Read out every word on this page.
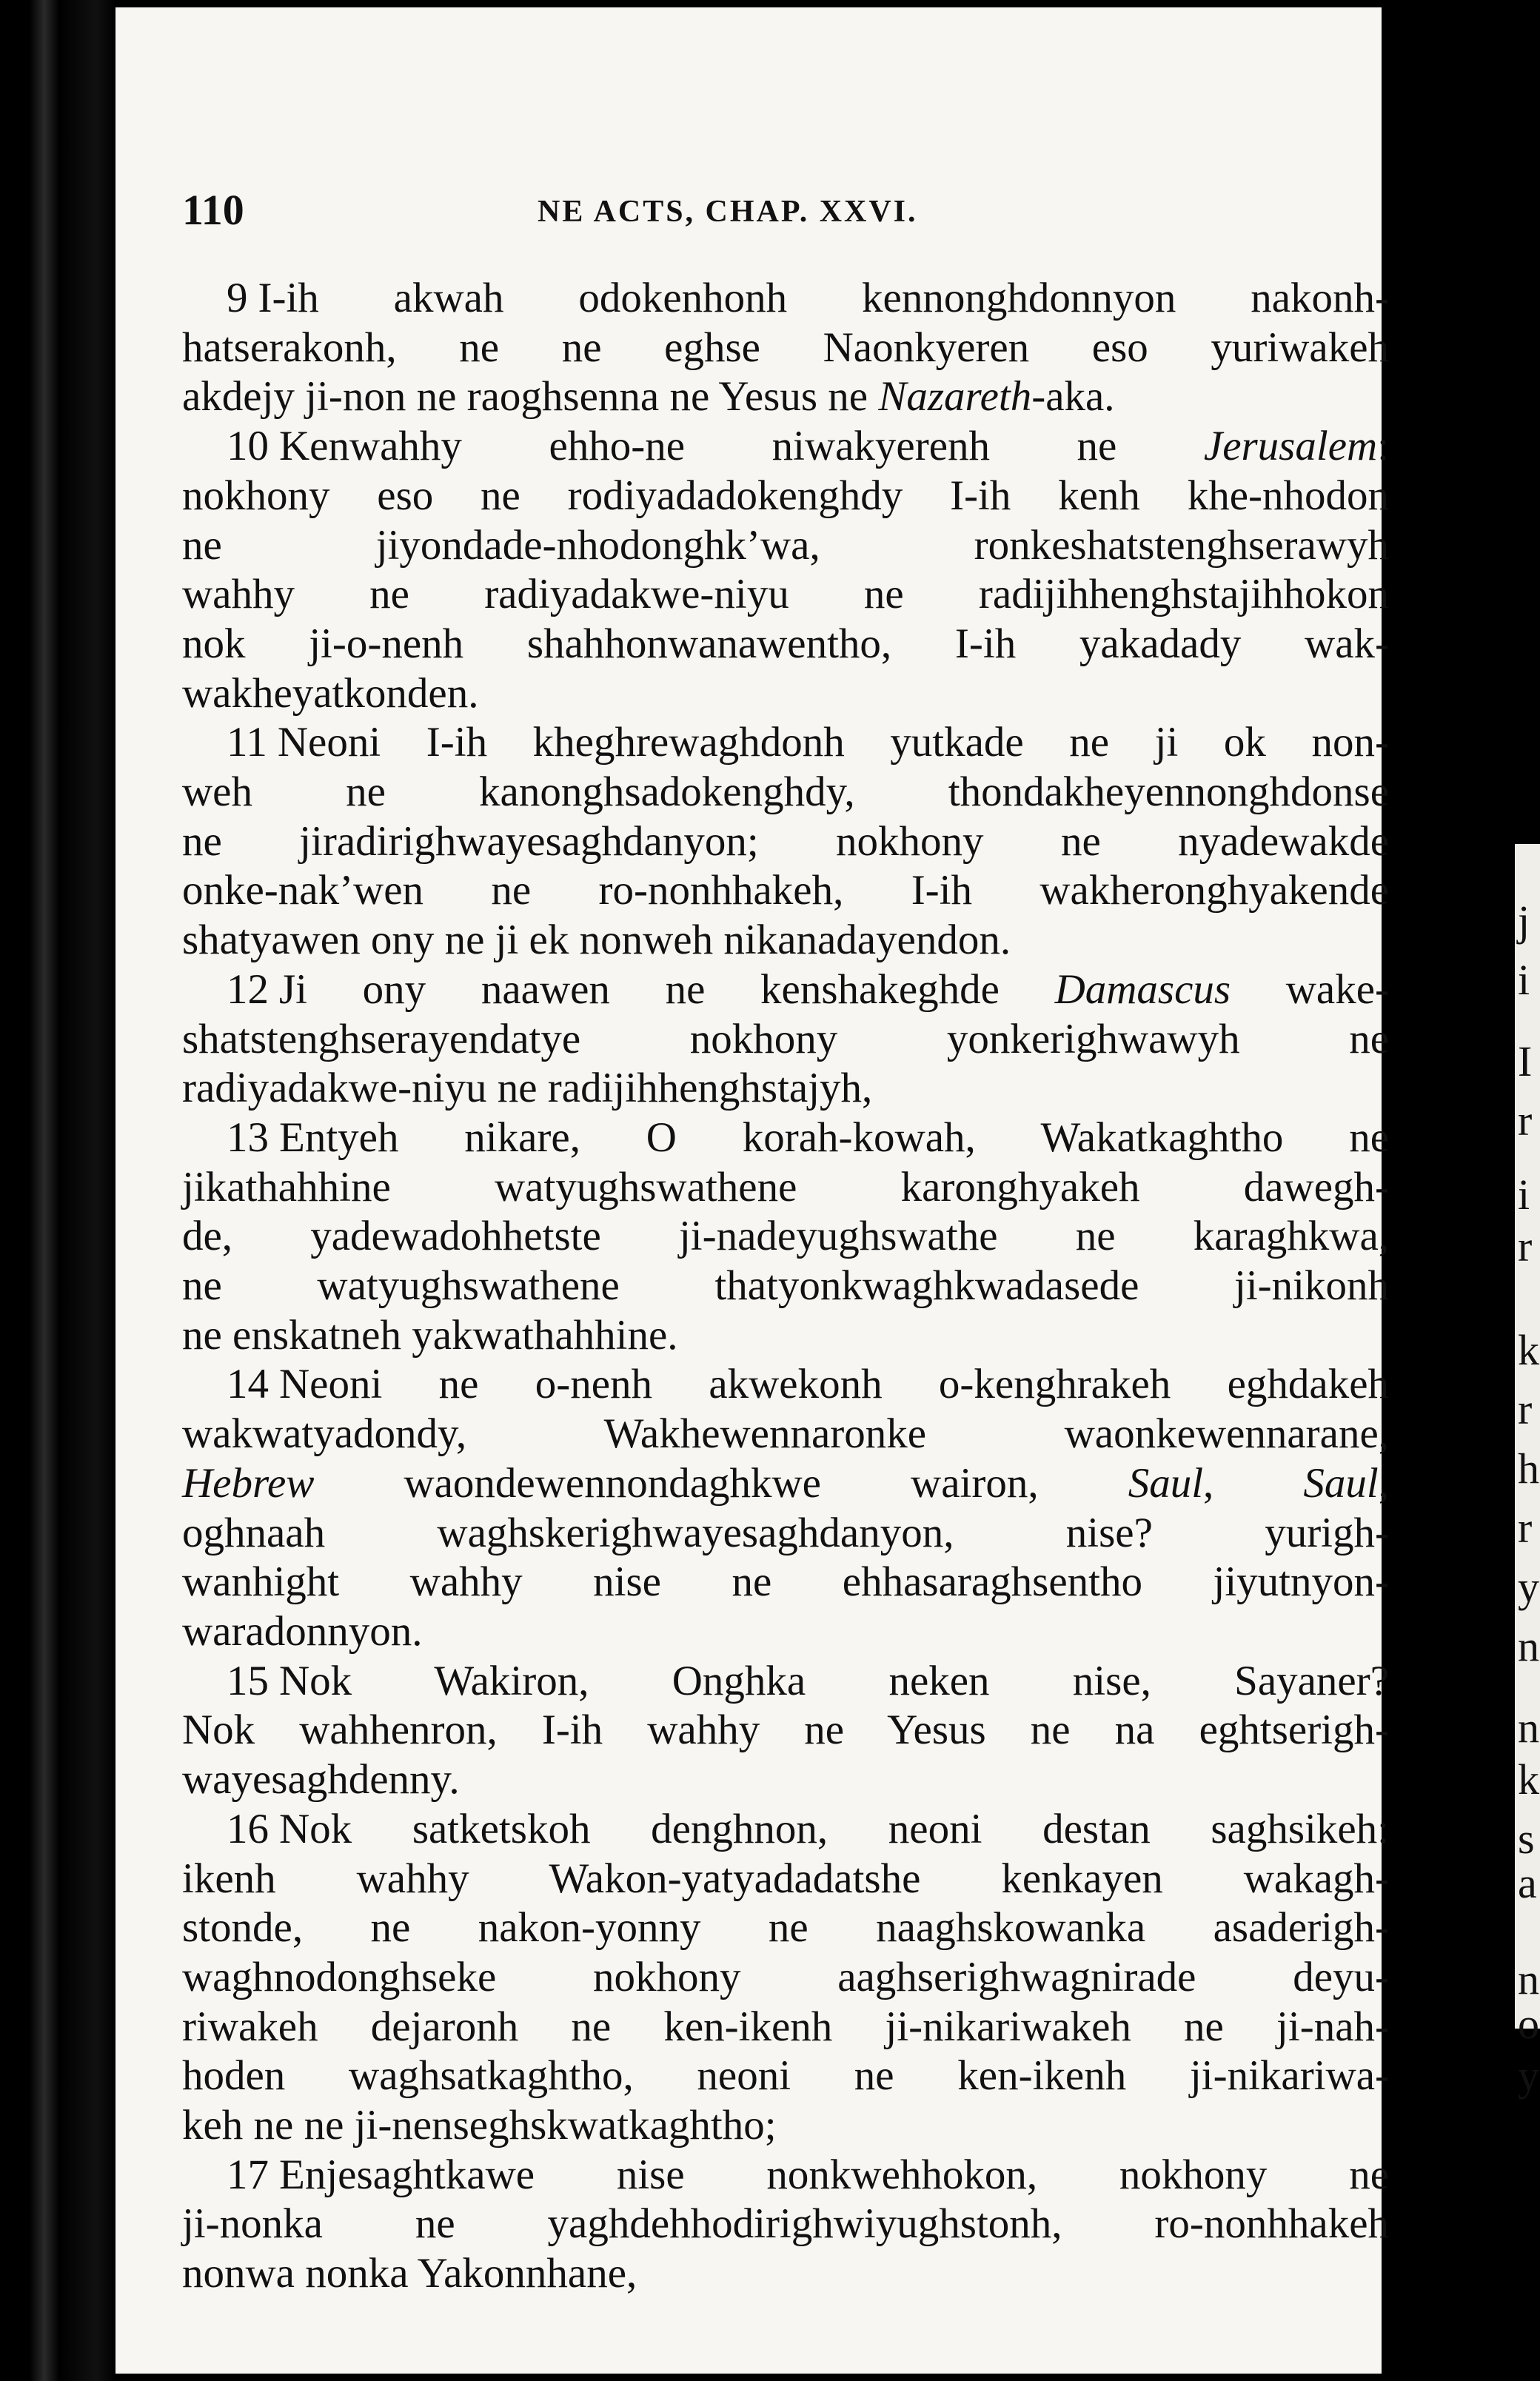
110	NE ACTS, CHAP. XXVI.
9 I-ih akwah odokenhonh kennonghdonnyon nakonh-
hatserakonh, ne ne eghse Naonkyeren eso yuriwakeh
akdejy ji-non ne raoghsenna ne Yesus ne Nazareth-aka.
10 Kenwahhy ehho-ne niwakyerenh ne Jerusalem:
nokhony eso ne rodiyadadokenghdy I-ih kenh khe-nhodon
ne jiyondade-nhodonghk’wa, ronkeshatstenghserawyh
wahhy ne radiyadakwe-niyu ne radijihhenghstajihhokon
nok ji-o-nenh shahhonwanawentho, I-ih yakadady wak-
wakheyatkonden.
11 Neoni I-ih kheghrewaghdonh yutkade ne ji ok non-
weh ne kanonghsadokenghdy, thondakheyennonghdonse
ne jiradirighwayesaghdanyon; nokhony ne nyadewakde
onke-nak’wen ne ro-nonhhakeh, I-ih wakheronghyakende
shatyawen ony ne ji ek nonweh nikanadayendon.
12 Ji ony naawen ne kenshakeghde Damascus wake-
shatstenghserayendatye nokhony yonkerighwawyh ne
radiyadakwe-niyu ne radijihhenghstajyh,
13 Entyeh nikare, O korah-kowah, Wakatkaghtho ne
jikathahhine watyughswathene karonghyakeh dawegh-
de, yadewadohhetste ji-nadeyughswathe ne karaghkwa,
ne watyughswathene thatyonkwaghkwadasede ji-nikonh
ne enskatneh yakwathahhine.
14 Neoni ne o-nenh akwekonh o-kenghrakeh eghdakeh
wakwatyadondy, Wakhewennaronke waonkewennarane,
Hebrew waondewennondaghkwe wairon, Saul, Saul,
oghnaah waghskerighwayesaghdanyon, nise? yurigh-
wanhight wahhy nise ne ehhasaraghsentho jiyutnyon-
waradonnyon.
15 Nok Wakiron, Onghka neken nise, Sayaner?
Nok wahhenron, I-ih wahhy ne Yesus ne na eghtserigh-
wayesaghdenny.
16 Nok satketskoh denghnon, neoni destan saghsikeh:
ikenh wahhy Wakon-yatyadadatshe kenkayen wakagh-
stonde, ne nakon-yonny ne naaghskowanka asaderigh-
waghnodonghseke nokhony aaghserighwagnirade deyu-
riwakeh dejaronh ne ken-ikenh ji-nikariwakeh ne ji-nah-
hoden waghsatkaghtho, neoni ne ken-ikenh ji-nikariwa-
keh ne ne ji-nenseghskwatkaghtho;
17 Enjesaghtkawe nise nonkwehhokon, nokhony ne
ji-nonka ne yaghdehhodirighwiyughstonh, ro-nonhhakeh
nonwa nonka Yakonnhane,
j
i
I
r
i
r
k
r
h
r
y
n
n
k
s
a
n
o
y
